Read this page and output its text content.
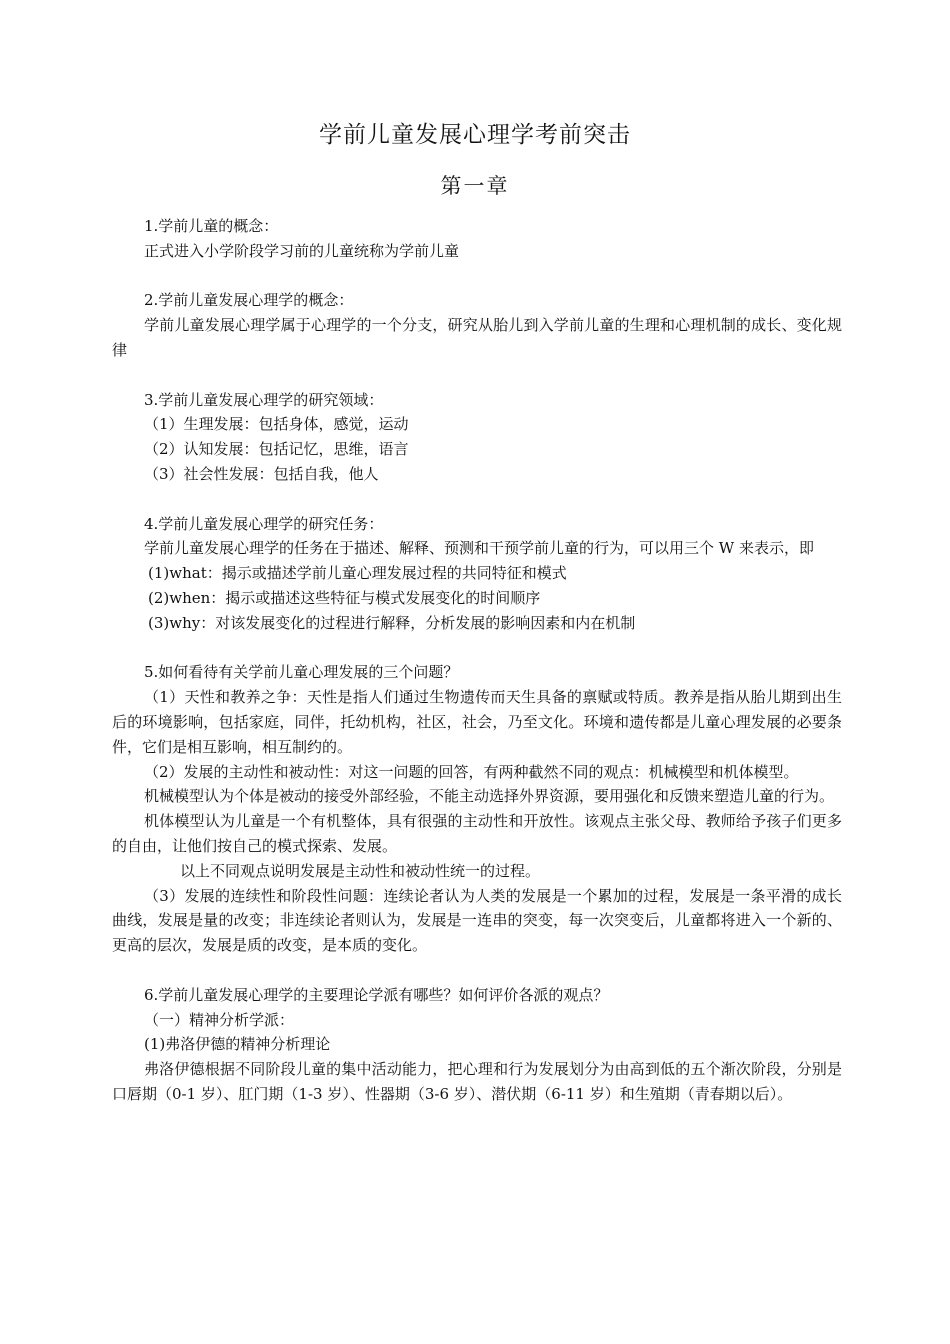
学前儿童发展心理学考前突击
第一章

1.学前儿童的概念：

正式进入小学阶段学习前的儿童统称为学前儿童

2.学前儿童发展心理学的概念：

学前儿童发展心理学属于心理学的一个分支，研究从胎儿到入学前儿童的生理和心理机制的成长、变化规律

3.学前儿童发展心理学的研究领域：

（1）生理发展：包括身体，感觉，运动

（2）认知发展：包括记忆，思维，语言

（3）社会性发展：包括自我，他人

4.学前儿童发展心理学的研究任务：

学前儿童发展心理学的任务在于描述、解释、预测和干预学前儿童的行为，可以用三个 W 来表示，即

(1)what：揭示或描述学前儿童心理发展过程的共同特征和模式

(2)when：揭示或描述这些特征与模式发展变化的时间顺序

(3)why：对该发展变化的过程进行解释，分析发展的影响因素和内在机制

5.如何看待有关学前儿童心理发展的三个问题？

（1）天性和教养之争：天性是指人们通过生物遗传而天生具备的禀赋或特质。教养是指从胎儿期到出生后的环境影响，包括家庭，同伴，托幼机构，社区，社会，乃至文化。环境和遗传都是儿童心理发展的必要条件，它们是相互影响，相互制约的。

（2）发展的主动性和被动性：对这一问题的回答，有两种截然不同的观点：机械模型和机体模型。

机械模型认为个体是被动的接受外部经验，不能主动选择外界资源，要用强化和反馈来塑造儿童的行为。

机体模型认为儿童是一个有机整体，具有很强的主动性和开放性。该观点主张父母、教师给予孩子们更多的自由，让他们按自己的模式探索、发展。

以上不同观点说明发展是主动性和被动性统一的过程。

（3）发展的连续性和阶段性问题：连续论者认为人类的发展是一个累加的过程，发展是一条平滑的成长曲线，发展是量的改变；非连续论者则认为，发展是一连串的突变，每一次突变后，儿童都将进入一个新的、更高的层次，发展是质的改变，是本质的变化。

6.学前儿童发展心理学的主要理论学派有哪些？如何评价各派的观点？

（一）精神分析学派：

(1)弗洛伊德的精神分析理论

弗洛伊德根据不同阶段儿童的集中活动能力，把心理和行为发展划分为由高到低的五个渐次阶段，分别是口唇期（0-1 岁）、肛门期（1-3 岁）、性器期（3-6 岁）、潜伏期（6-11 岁）和生殖期（青春期以后）。
